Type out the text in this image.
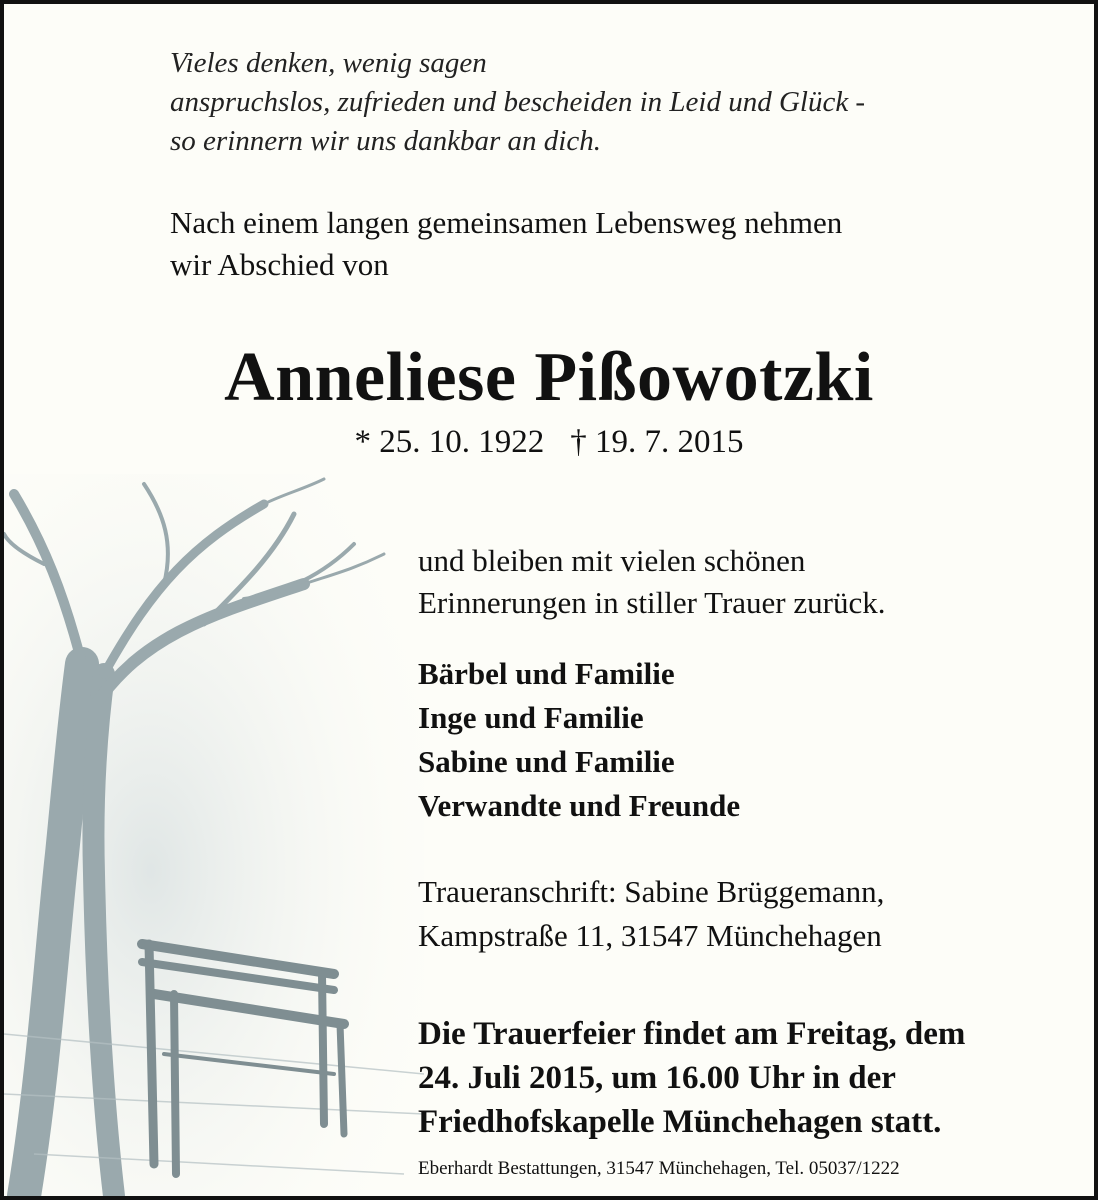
Vieles denken, wenig sagen
anspruchslos, zufrieden und bescheiden in Leid und Glück -
so erinnern wir uns dankbar an dich.
Nach einem langen gemeinsamen Lebensweg nehmen
wir Abschied von
Anneliese Pißowotzki
* 25. 10. 1922 † 19. 7. 2015
und bleiben mit vielen schönen
Erinnerungen in stiller Trauer zurück.
Bärbel und Familie
Inge und Familie
Sabine und Familie
Verwandte und Freunde
Traueranschrift: Sabine Brüggemann,
Kampstraße 11, 31547 Münchehagen
Die Trauerfeier findet am Freitag, dem
24. Juli 2015, um 16.00 Uhr in der
Friedhofskapelle Münchehagen statt.
Eberhardt Bestattungen, 31547 Münchehagen, Tel. 05037/1222
